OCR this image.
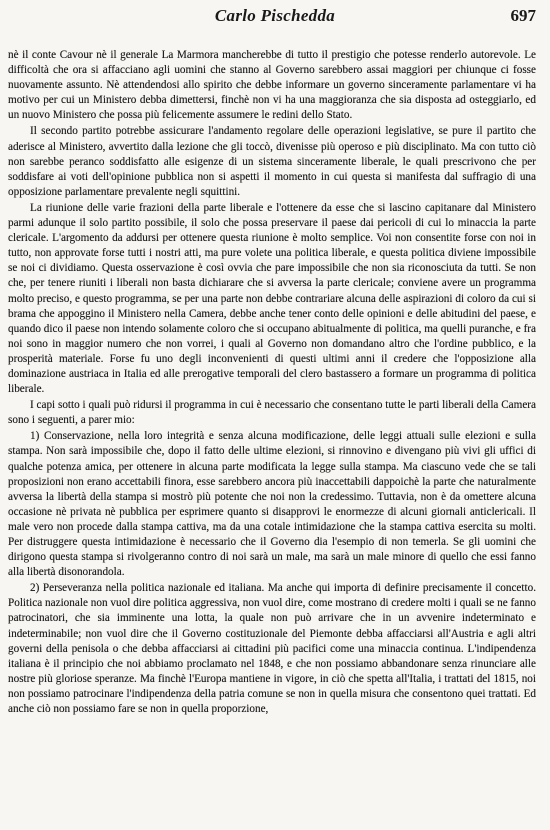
Carlo Pischedda	697

nè il conte Cavour nè il generale La Marmora mancherebbe di tutto il prestigio che potesse renderlo autorevole. Le difficoltà che ora si affacciano agli uomini che stanno al Governo sarebbero assai maggiori per chiunque ci fosse nuovamente assunto. Nè attendendosi allo spirito che debbe informare un governo sinceramente parlamentare vi ha motivo per cui un Ministero debba dimettersi, finchè non vi ha una maggioranza che sia disposta ad osteggiarlo, ed un nuovo Ministero che possa più felicemente assumere le redini dello Stato.

Il secondo partito potrebbe assicurare l'andamento regolare delle operazioni legislative, se pure il partito che aderisce al Ministero, avvertito dalla lezione che gli toccò, divenisse più operoso e più disciplinato. Ma con tutto ciò non sarebbe peranco soddisfatto alle esigenze di un sistema sinceramente liberale, le quali prescrivono che per soddisfare ai voti dell'opinione pubblica non si aspetti il momento in cui questa si manifesta dal suffragio di una opposizione parlamentare prevalente negli squittini.

La riunione delle varie frazioni della parte liberale e l'ottenere da esse che si lascino capitanare dal Ministero parmi adunque il solo partito possibile, il solo che possa preservare il paese dai pericoli di cui lo minaccia la parte clericale. L'argomento da addursi per ottenere questa riunione è molto semplice. Voi non consentite forse con noi in tutto, non approvate forse tutti i nostri atti, ma pure volete una politica liberale, e questa politica diviene impossibile se noi ci dividiamo. Questa osservazione è così ovvia che pare impossibile che non sia riconosciuta da tutti. Se non che, per tenere riuniti i liberali non basta dichiarare che si avversa la parte clericale; conviene avere un programma molto preciso, e questo programma, se per una parte non debbe contrariare alcuna delle aspirazioni di coloro da cui si brama che appoggino il Ministero nella Camera, debbe anche tener conto delle opinioni e delle abitudini del paese, e quando dico il paese non intendo solamente coloro che si occupano abitualmente di politica, ma quelli puranche, e fra noi sono in maggior numero che non vorrei, i quali al Governo non domandano altro che l'ordine pubblico, e la prosperità materiale. Forse fu uno degli inconvenienti di questi ultimi anni il credere che l'opposizione alla dominazione austriaca in Italia ed alle prerogative temporali del clero bastassero a formare un programma di politica liberale.

I capi sotto i quali può ridursi il programma in cui è necessario che consentano tutte le parti liberali della Camera sono i seguenti, a parer mio:

1) Conservazione, nella loro integrità e senza alcuna modificazione, delle leggi attuali sulle elezioni e sulla stampa. Non sarà impossibile che, dopo il fatto delle ultime elezioni, si rinnovino e divengano più vivi gli uffici di qualche potenza amica, per ottenere in alcuna parte modificata la legge sulla stampa. Ma ciascuno vede che se tali proposizioni non erano accettabili finora, esse sarebbero ancora più inaccettabili dappoichè la parte che naturalmente avversa la libertà della stampa si mostrò più potente che noi non la credessimo. Tuttavia, non è da omettere alcuna occasione nè privata nè pubblica per esprimere quanto si disapprovi le enormezze di alcuni giornali anticlericali. Il male vero non procede dalla stampa cattiva, ma da una cotale intimidazione che la stampa cattiva esercita su molti. Per distruggere questa intimidazione è necessario che il Governo dia l'esempio di non temerla. Se gli uomini che dirigono questa stampa si rivolgeranno contro di noi sarà un male, ma sarà un male minore di quello che essi fanno alla libertà disonorandola.

2) Perseveranza nella politica nazionale ed italiana. Ma anche qui importa di definire precisamente il concetto. Politica nazionale non vuol dire politica aggressiva, non vuol dire, come mostrano di credere molti i quali se ne fanno patrocinatori, che sia imminente una lotta, la quale non può arrivare che in un avvenire indeterminato e indeterminabile; non vuol dire che il Governo costituzionale del Piemonte debba affacciarsi all'Austria e agli altri governi della penisola o che debba affacciarsi ai cittadini più pacifici come una minaccia continua. L'indipendenza italiana è il principio che noi abbiamo proclamato nel 1848, e che non possiamo abbandonare senza rinunciare alle nostre più gloriose speranze. Ma finchè l'Europa mantiene in vigore, in ciò che spetta all'Italia, i trattati del 1815, noi non possiamo patrocinare l'indipendenza della patria comune se non in quella misura che consentono quei trattati. Ed anche ciò non possiamo fare se non in quella proporzione,
